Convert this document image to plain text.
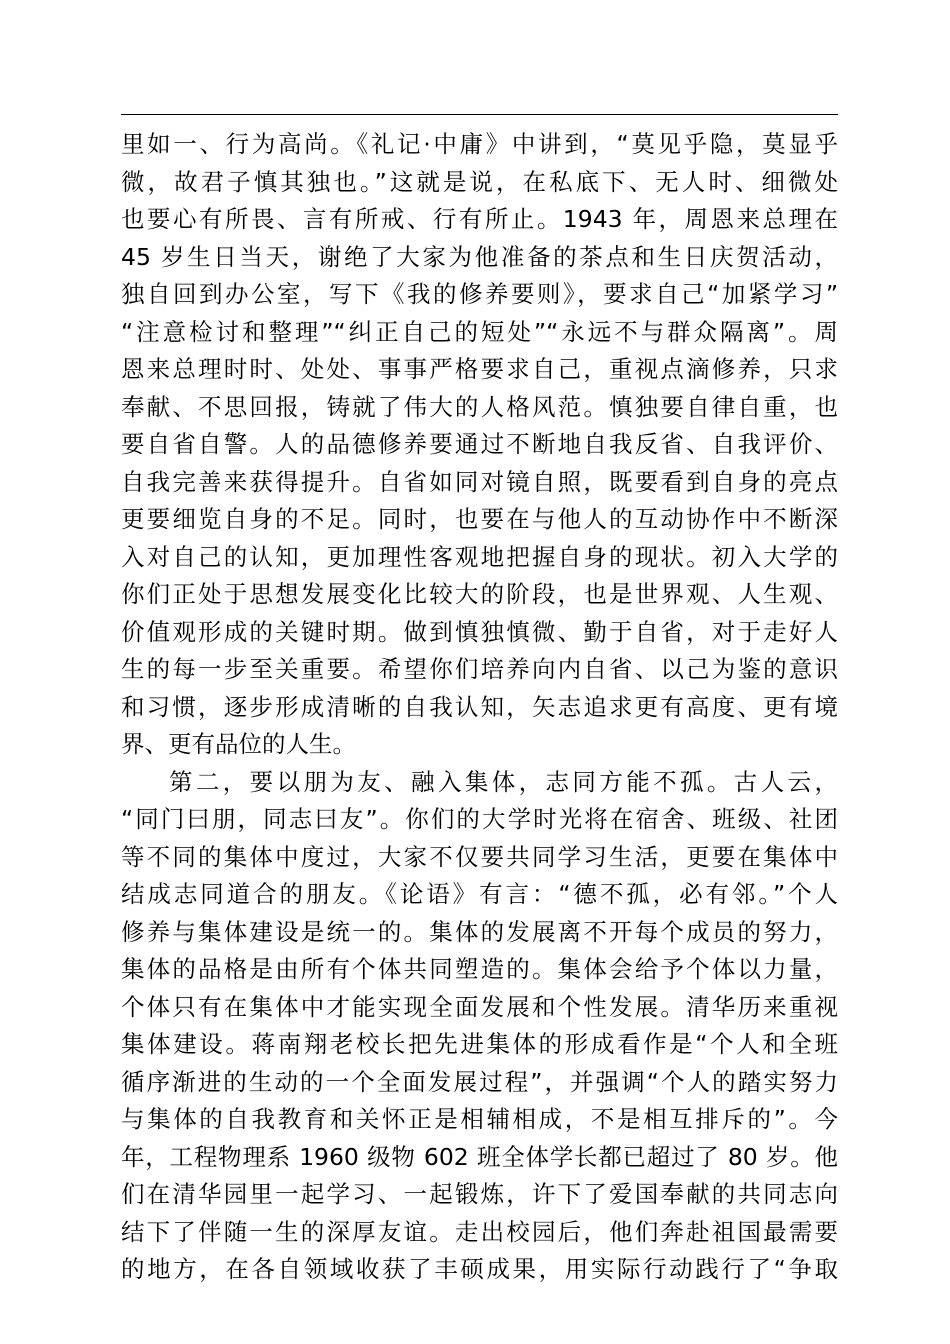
里如一、行为高尚。《礼记·中庸》中讲到，“莫见乎隐，莫显乎
微，故君子慎其独也。”这就是说，在私底下、无人时、细微处
也要心有所畏、言有所戒、行有所止。1943 年，周恩来总理在
45 岁生日当天，谢绝了大家为他准备的茶点和生日庆贺活动，
独自回到办公室，写下《我的修养要则》，要求自己“加紧学习”
“注意检讨和整理”“纠正自己的短处”“永远不与群众隔离”。周
恩来总理时时、处处、事事严格要求自己，重视点滴修养，只求
奉献、不思回报，铸就了伟大的人格风范。慎独要自律自重，也
要自省自警。人的品德修养要通过不断地自我反省、自我评价、
自我完善来获得提升。自省如同对镜自照，既要看到自身的亮点
更要细览自身的不足。同时，也要在与他人的互动协作中不断深
入对自己的认知，更加理性客观地把握自身的现状。初入大学的
你们正处于思想发展变化比较大的阶段，也是世界观、人生观、
价值观形成的关键时期。做到慎独慎微、勤于自省，对于走好人
生的每一步至关重要。希望你们培养向内自省、以己为鉴的意识
和习惯，逐步形成清晰的自我认知，矢志追求更有高度、更有境
界、更有品位的人生。
第二，要以朋为友、融入集体，志同方能不孤。古人云，
“同门曰朋，同志曰友”。你们的大学时光将在宿舍、班级、社团
等不同的集体中度过，大家不仅要共同学习生活，更要在集体中
结成志同道合的朋友。《论语》有言：“德不孤，必有邻。”个人
修养与集体建设是统一的。集体的发展离不开每个成员的努力，
集体的品格是由所有个体共同塑造的。集体会给予个体以力量，
个体只有在集体中才能实现全面发展和个性发展。清华历来重视
集体建设。蒋南翔老校长把先进集体的形成看作是“个人和全班
循序渐进的生动的一个全面发展过程”，并强调“个人的踏实努力
与集体的自我教育和关怀正是相辅相成，不是相互排斥的”。今
年，工程物理系 1960 级物 602 班全体学长都已超过了 80 岁。他
们在清华园里一起学习、一起锻炼，许下了爱国奉献的共同志向
结下了伴随一生的深厚友谊。走出校园后，他们奔赴祖国最需要
的地方，在各自领域收获了丰硕成果，用实际行动践行了“争取
